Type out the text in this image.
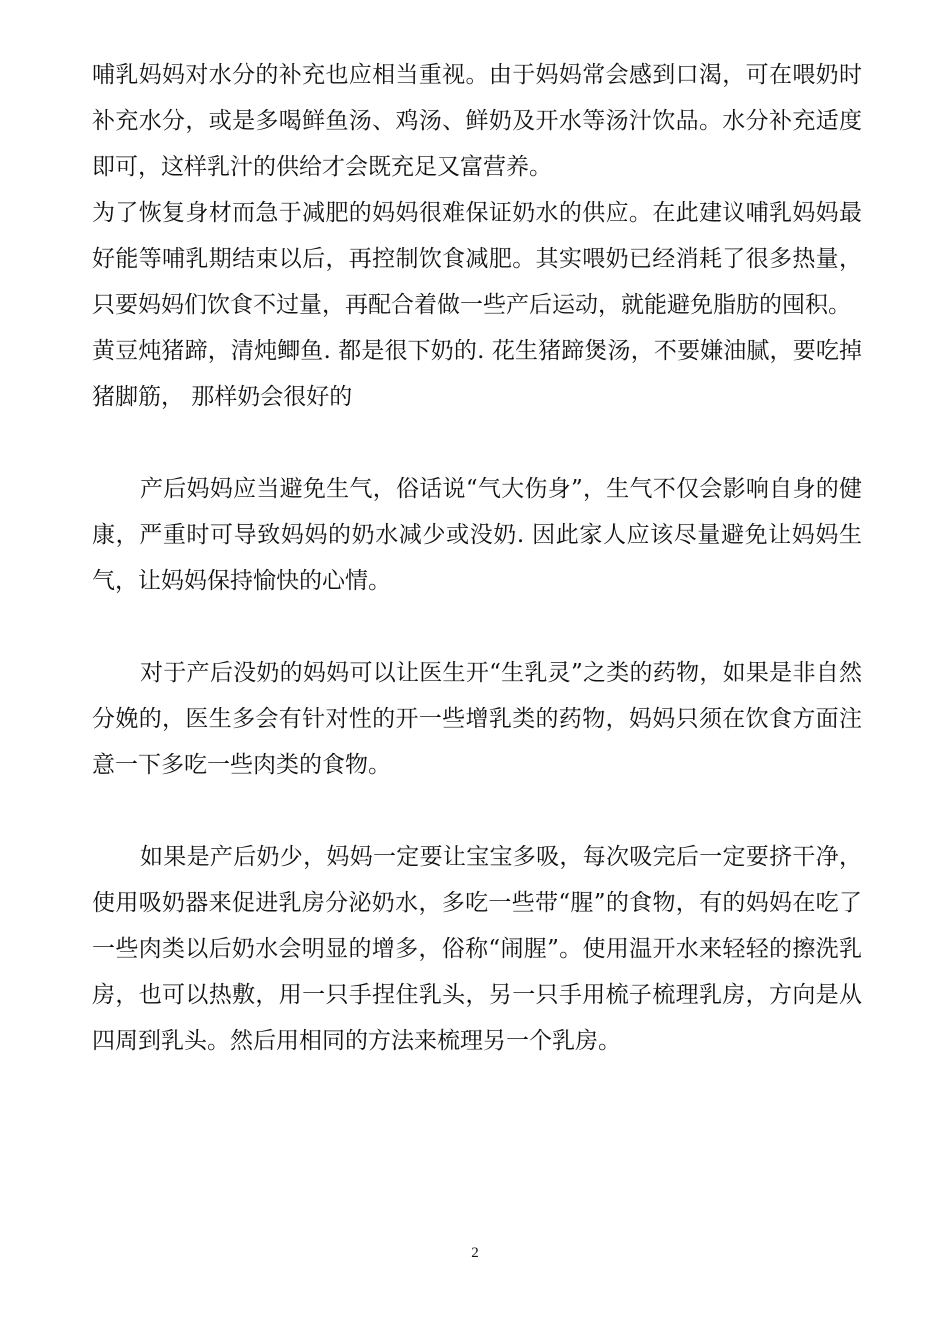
哺乳妈妈对水分的补充也应相当重视。由于妈妈常会感到口渴，可在喂奶时补充水分，或是多喝鲜鱼汤、鸡汤、鲜奶及开水等汤汁饮品。水分补充适度即可，这样乳汁的供给才会既充足又富营养。

为了恢复身材而急于减肥的妈妈很难保证奶水的供应。在此建议哺乳妈妈最好能等哺乳期结束以后，再控制饮食减肥。其实喂奶已经消耗了很多热量，只要妈妈们饮食不过量，再配合着做一些产后运动，就能避免脂肪的囤积。

黄豆炖猪蹄，清炖鲫鱼. 都是很下奶的. 花生猪蹄煲汤，不要嫌油腻，要吃掉猪脚筋， 那样奶会很好的

产后妈妈应当避免生气，俗话说“气大伤身”，生气不仅会影响自身的健康，严重时可导致妈妈的奶水减少或没奶. 因此家人应该尽量避免让妈妈生气，让妈妈保持愉快的心情。

对于产后没奶的妈妈可以让医生开“生乳灵”之类的药物，如果是非自然分娩的，医生多会有针对性的开一些增乳类的药物，妈妈只须在饮食方面注意一下多吃一些肉类的食物。

如果是产后奶少，妈妈一定要让宝宝多吸，每次吸完后一定要挤干净，使用吸奶器来促进乳房分泌奶水，多吃一些带“腥”的食物，有的妈妈在吃了一些肉类以后奶水会明显的增多，俗称“闹腥”。使用温开水来轻轻的擦洗乳房，也可以热敷，用一只手捏住乳头，另一只手用梳子梳理乳房，方向是从四周到乳头。然后用相同的方法来梳理另一个乳房。

2
